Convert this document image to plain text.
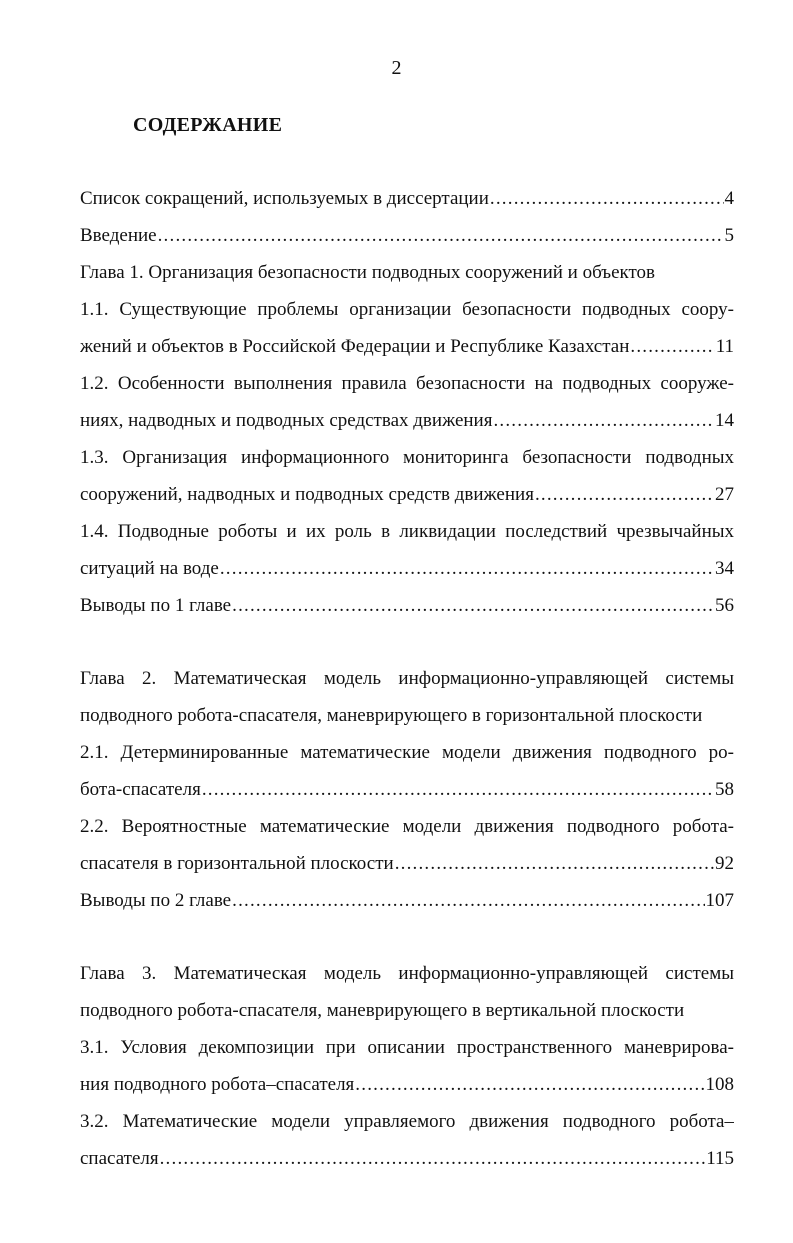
2
СОДЕРЖАНИЕ
Список сокращений, используемых в диссертации .....	4
Введение .....	5
Глава 1. Организация безопасности подводных сооружений и объектов
1.1. Существующие проблемы организации безопасности подводных соору-
жений и объектов в Российской Федерации и Республике Казахстан .....	11
1.2. Особенности выполнения правила безопасности на подводных сооруже-
ниях, надводных и подводных средствах движения .....	14
1.3. Организация информационного мониторинга безопасности подводных
сооружений, надводных и подводных средств движения .....	27
1.4. Подводные роботы и их роль в ликвидации последствий чрезвычайных
ситуаций на воде .....	34
Выводы по 1 главе .....	56
Глава 2. Математическая модель информационно-управляющей системы
подводного робота-спасателя, маневрирующего в горизонтальной плоскости
2.1. Детерминированные математические модели движения подводного ро-
бота-спасателя .....	58
2.2. Вероятностные математические модели движения подводного робота-
спасателя в горизонтальной плоскости .....	92
Выводы по 2 главе .....	107
Глава 3. Математическая модель информационно-управляющей системы
подводного робота-спасателя, маневрирующего в вертикальной плоскости
3.1. Условия декомпозиции при описании пространственного маневрирова-
ния подводного робота–спасателя .....	108
3.2. Математические модели управляемого движения подводного робота–
спасателя .....	115
